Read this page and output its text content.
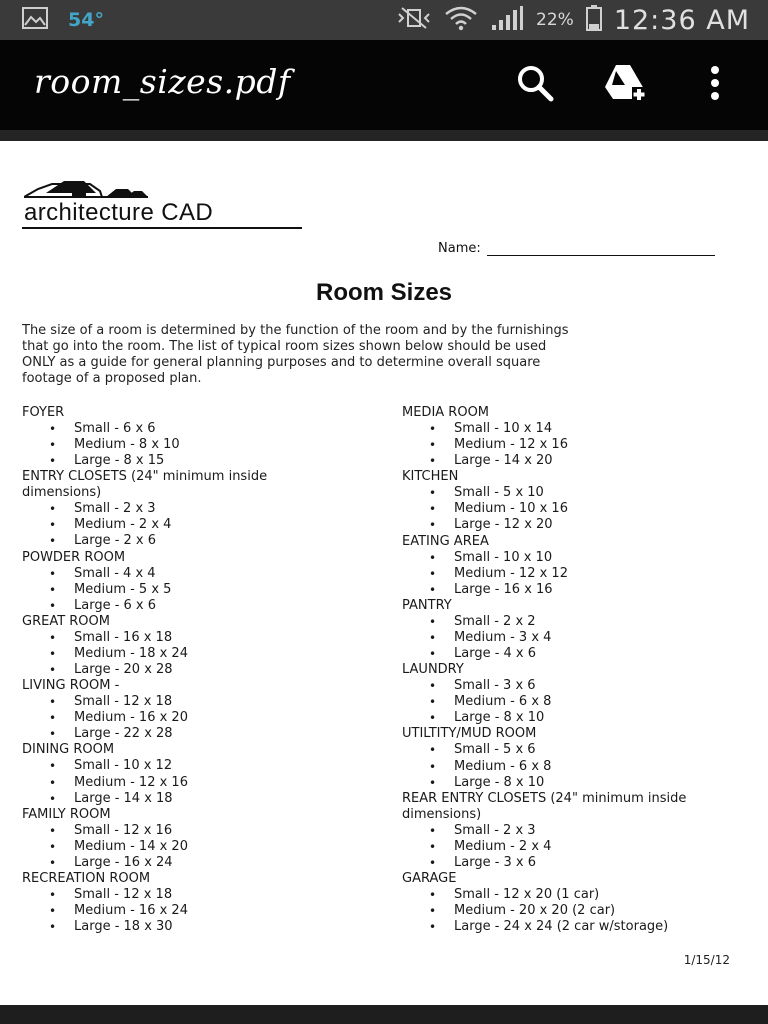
54°	22% 12:36 AM
room_sizes.pdf
architecture CAD
Name:
Room Sizes

The size of a room is determined by the function of the room and by the furnishings
that go into the room. The list of typical room sizes shown below should be used
ONLY as a guide for general planning purposes and to determine overall square
footage of a proposed plan.

FOYER

• Small - 6 x 6
• Medium - 8 x 10
• Large - 8 x 15

ENTRY CLOSETS (24" minimum inside dimensions)

• Small - 2 x 3
• Medium - 2 x 4
• Large - 2 x 6

POWDER ROOM

• Small - 4 x 4
• Medium - 5 x 5
• Large - 6 x 6

GREAT ROOM

• Small - 16 x 18
• Medium - 18 x 24
• Large - 20 x 28

LIVING ROOM -

• Small - 12 x 18
• Medium - 16 x 20
• Large - 22 x 28

DINING ROOM

• Small - 10 x 12
• Medium - 12 x 16
• Large - 14 x 18

FAMILY ROOM

• Small - 12 x 16
• Medium - 14 x 20
• Large - 16 x 24

RECREATION ROOM

• Small - 12 x 18
• Medium - 16 x 24
• Large - 18 x 30

MEDIA ROOM

• Small - 10 x 14
• Medium - 12 x 16
• Large - 14 x 20

KITCHEN

• Small - 5 x 10
• Medium - 10 x 16
• Large - 12 x 20

EATING AREA

• Small - 10 x 10
• Medium - 12 x 12
• Large - 16 x 16

PANTRY

• Small - 2 x 2
• Medium - 3 x 4
• Large - 4 x 6

LAUNDRY

• Small - 3 x 6
• Medium - 6 x 8
• Large - 8 x 10

UTILTITY/MUD ROOM

• Small - 5 x 6
• Medium - 6 x 8
• Large - 8 x 10

REAR ENTRY CLOSETS (24" minimum inside dimensions)

• Small - 2 x 3
• Medium - 2 x 4
• Large - 3 x 6

GARAGE

• Small - 12 x 20 (1 car)
• Medium - 20 x 20 (2 car)
• Large - 24 x 24 (2 car w/storage)
1/15/12
